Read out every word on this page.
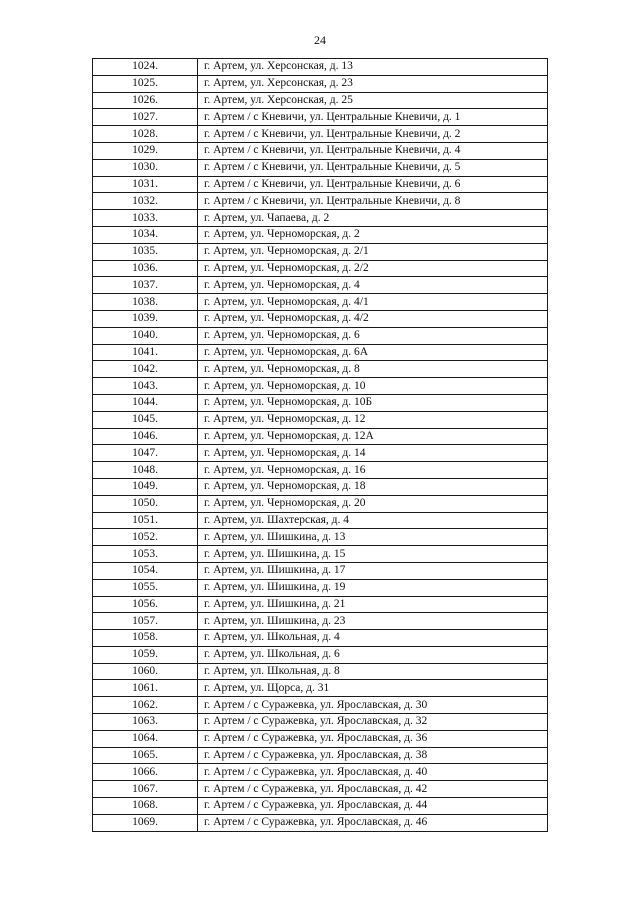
24
1024.	г. Артем, ул. Херсонская, д. 13
1025.	г. Артем, ул. Херсонская, д. 23
1026.	г. Артем, ул. Херсонская, д. 25
1027.	г. Артем / с Кневичи, ул. Центральные Кневичи, д. 1
1028.	г. Артем / с Кневичи, ул. Центральные Кневичи, д. 2
1029.	г. Артем / с Кневичи, ул. Центральные Кневичи, д. 4
1030.	г. Артем / с Кневичи, ул. Центральные Кневичи, д. 5
1031.	г. Артем / с Кневичи, ул. Центральные Кневичи, д. 6
1032.	г. Артем / с Кневичи, ул. Центральные Кневичи, д. 8
1033.	г. Артем, ул. Чапаева, д. 2
1034.	г. Артем, ул. Черноморская, д. 2
1035.	г. Артем, ул. Черноморская, д. 2/1
1036.	г. Артем, ул. Черноморская, д. 2/2
1037.	г. Артем, ул. Черноморская, д. 4
1038.	г. Артем, ул. Черноморская, д. 4/1
1039.	г. Артем, ул. Черноморская, д. 4/2
1040.	г. Артем, ул. Черноморская, д. 6
1041.	г. Артем, ул. Черноморская, д. 6А
1042.	г. Артем, ул. Черноморская, д. 8
1043.	г. Артем, ул. Черноморская, д. 10
1044.	г. Артем, ул. Черноморская, д. 10Б
1045.	г. Артем, ул. Черноморская, д. 12
1046.	г. Артем, ул. Черноморская, д. 12А
1047.	г. Артем, ул. Черноморская, д. 14
1048.	г. Артем, ул. Черноморская, д. 16
1049.	г. Артем, ул. Черноморская, д. 18
1050.	г. Артем, ул. Черноморская, д. 20
1051.	г. Артем, ул. Шахтерская, д. 4
1052.	г. Артем, ул. Шишкина, д. 13
1053.	г. Артем, ул. Шишкина, д. 15
1054.	г. Артем, ул. Шишкина, д. 17
1055.	г. Артем, ул. Шишкина, д. 19
1056.	г. Артем, ул. Шишкина, д. 21
1057.	г. Артем, ул. Шишкина, д. 23
1058.	г. Артем, ул. Школьная, д. 4
1059.	г. Артем, ул. Школьная, д. 6
1060.	г. Артем, ул. Школьная, д. 8
1061.	г. Артем, ул. Щорса, д. 31
1062.	г. Артем / с Суражевка, ул. Ярославская, д. 30
1063.	г. Артем / с Суражевка, ул. Ярославская, д. 32
1064.	г. Артем / с Суражевка, ул. Ярославская, д. 36
1065.	г. Артем / с Суражевка, ул. Ярославская, д. 38
1066.	г. Артем / с Суражевка, ул. Ярославская, д. 40
1067.	г. Артем / с Суражевка, ул. Ярославская, д. 42
1068.	г. Артем / с Суражевка, ул. Ярославская, д. 44
1069.	г. Артем / с Суражевка, ул. Ярославская, д. 46
